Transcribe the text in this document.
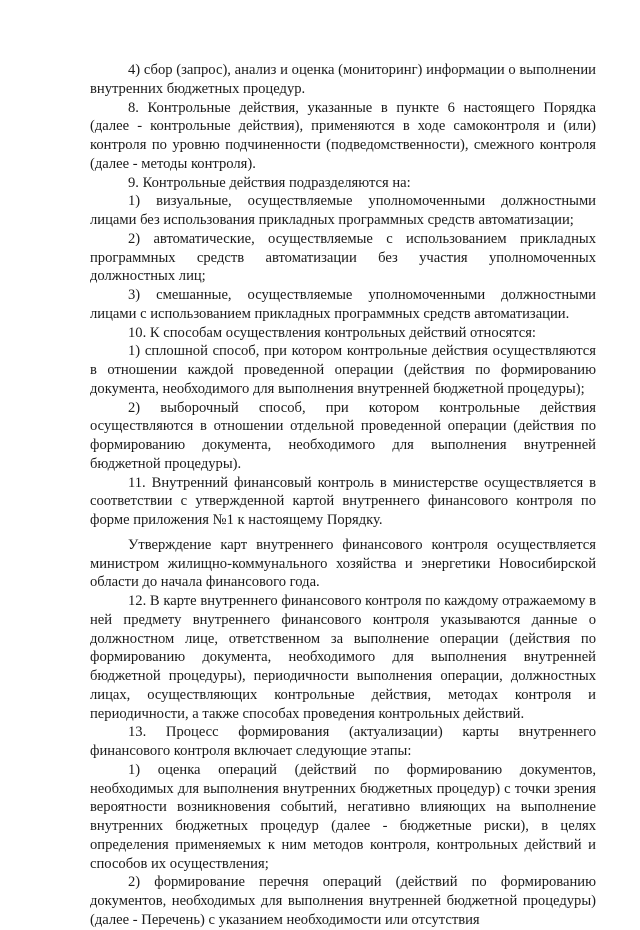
4) сбор (запрос), анализ и оценка (мониторинг) информации о выполнении внутренних бюджетных процедур.

8. Контрольные действия, указанные в пункте 6 настоящего Порядка (далее - контрольные действия), применяются в ходе самоконтроля и (или) контроля по уровню подчиненности (подведомственности), смежного контроля (далее - методы контроля).

9. Контрольные действия подразделяются на:

1) визуальные, осуществляемые уполномоченными должностными лицами без использования прикладных программных средств автоматизации;

2) автоматические, осуществляемые с использованием прикладных программных средств автоматизации без участия уполномоченных должностных лиц;

3) смешанные, осуществляемые уполномоченными должностными лицами с использованием прикладных программных средств автоматизации.

10. К способам осуществления контрольных действий относятся:

1) сплошной способ, при котором контрольные действия осуществляются в отношении каждой проведенной операции (действия по формированию документа, необходимого для выполнения внутренней бюджетной процедуры);

2) выборочный способ, при котором контрольные действия осуществляются в отношении отдельной проведенной операции (действия по формированию документа, необходимого для выполнения внутренней бюджетной процедуры).

11. Внутренний финансовый контроль в министерстве осуществляется в соответствии с утвержденной картой внутреннего финансового контроля по форме приложения №1 к настоящему Порядку.

Утверждение карт внутреннего финансового контроля осуществляется министром жилищно-коммунального хозяйства и энергетики Новосибирской области до начала финансового года.

12. В карте внутреннего финансового контроля по каждому отражаемому в ней предмету внутреннего финансового контроля указываются данные о должностном лице, ответственном за выполнение операции (действия по формированию документа, необходимого для выполнения внутренней бюджетной процедуры), периодичности выполнения операции, должностных лицах, осуществляющих контрольные действия, методах контроля и периодичности, а также способах проведения контрольных действий.

13. Процесс формирования (актуализации) карты внутреннего финансового контроля включает следующие этапы:

1) оценка операций (действий по формированию документов, необходимых для выполнения внутренних бюджетных процедур) с точки зрения вероятности возникновения событий, негативно влияющих на выполнение внутренних бюджетных процедур (далее - бюджетные риски), в целях определения применяемых к ним методов контроля, контрольных действий и способов их осуществления;

2) формирование перечня операций (действий по формированию документов, необходимых для выполнения внутренней бюджетной процедуры) (далее - Перечень) с указанием необходимости или отсутствия
